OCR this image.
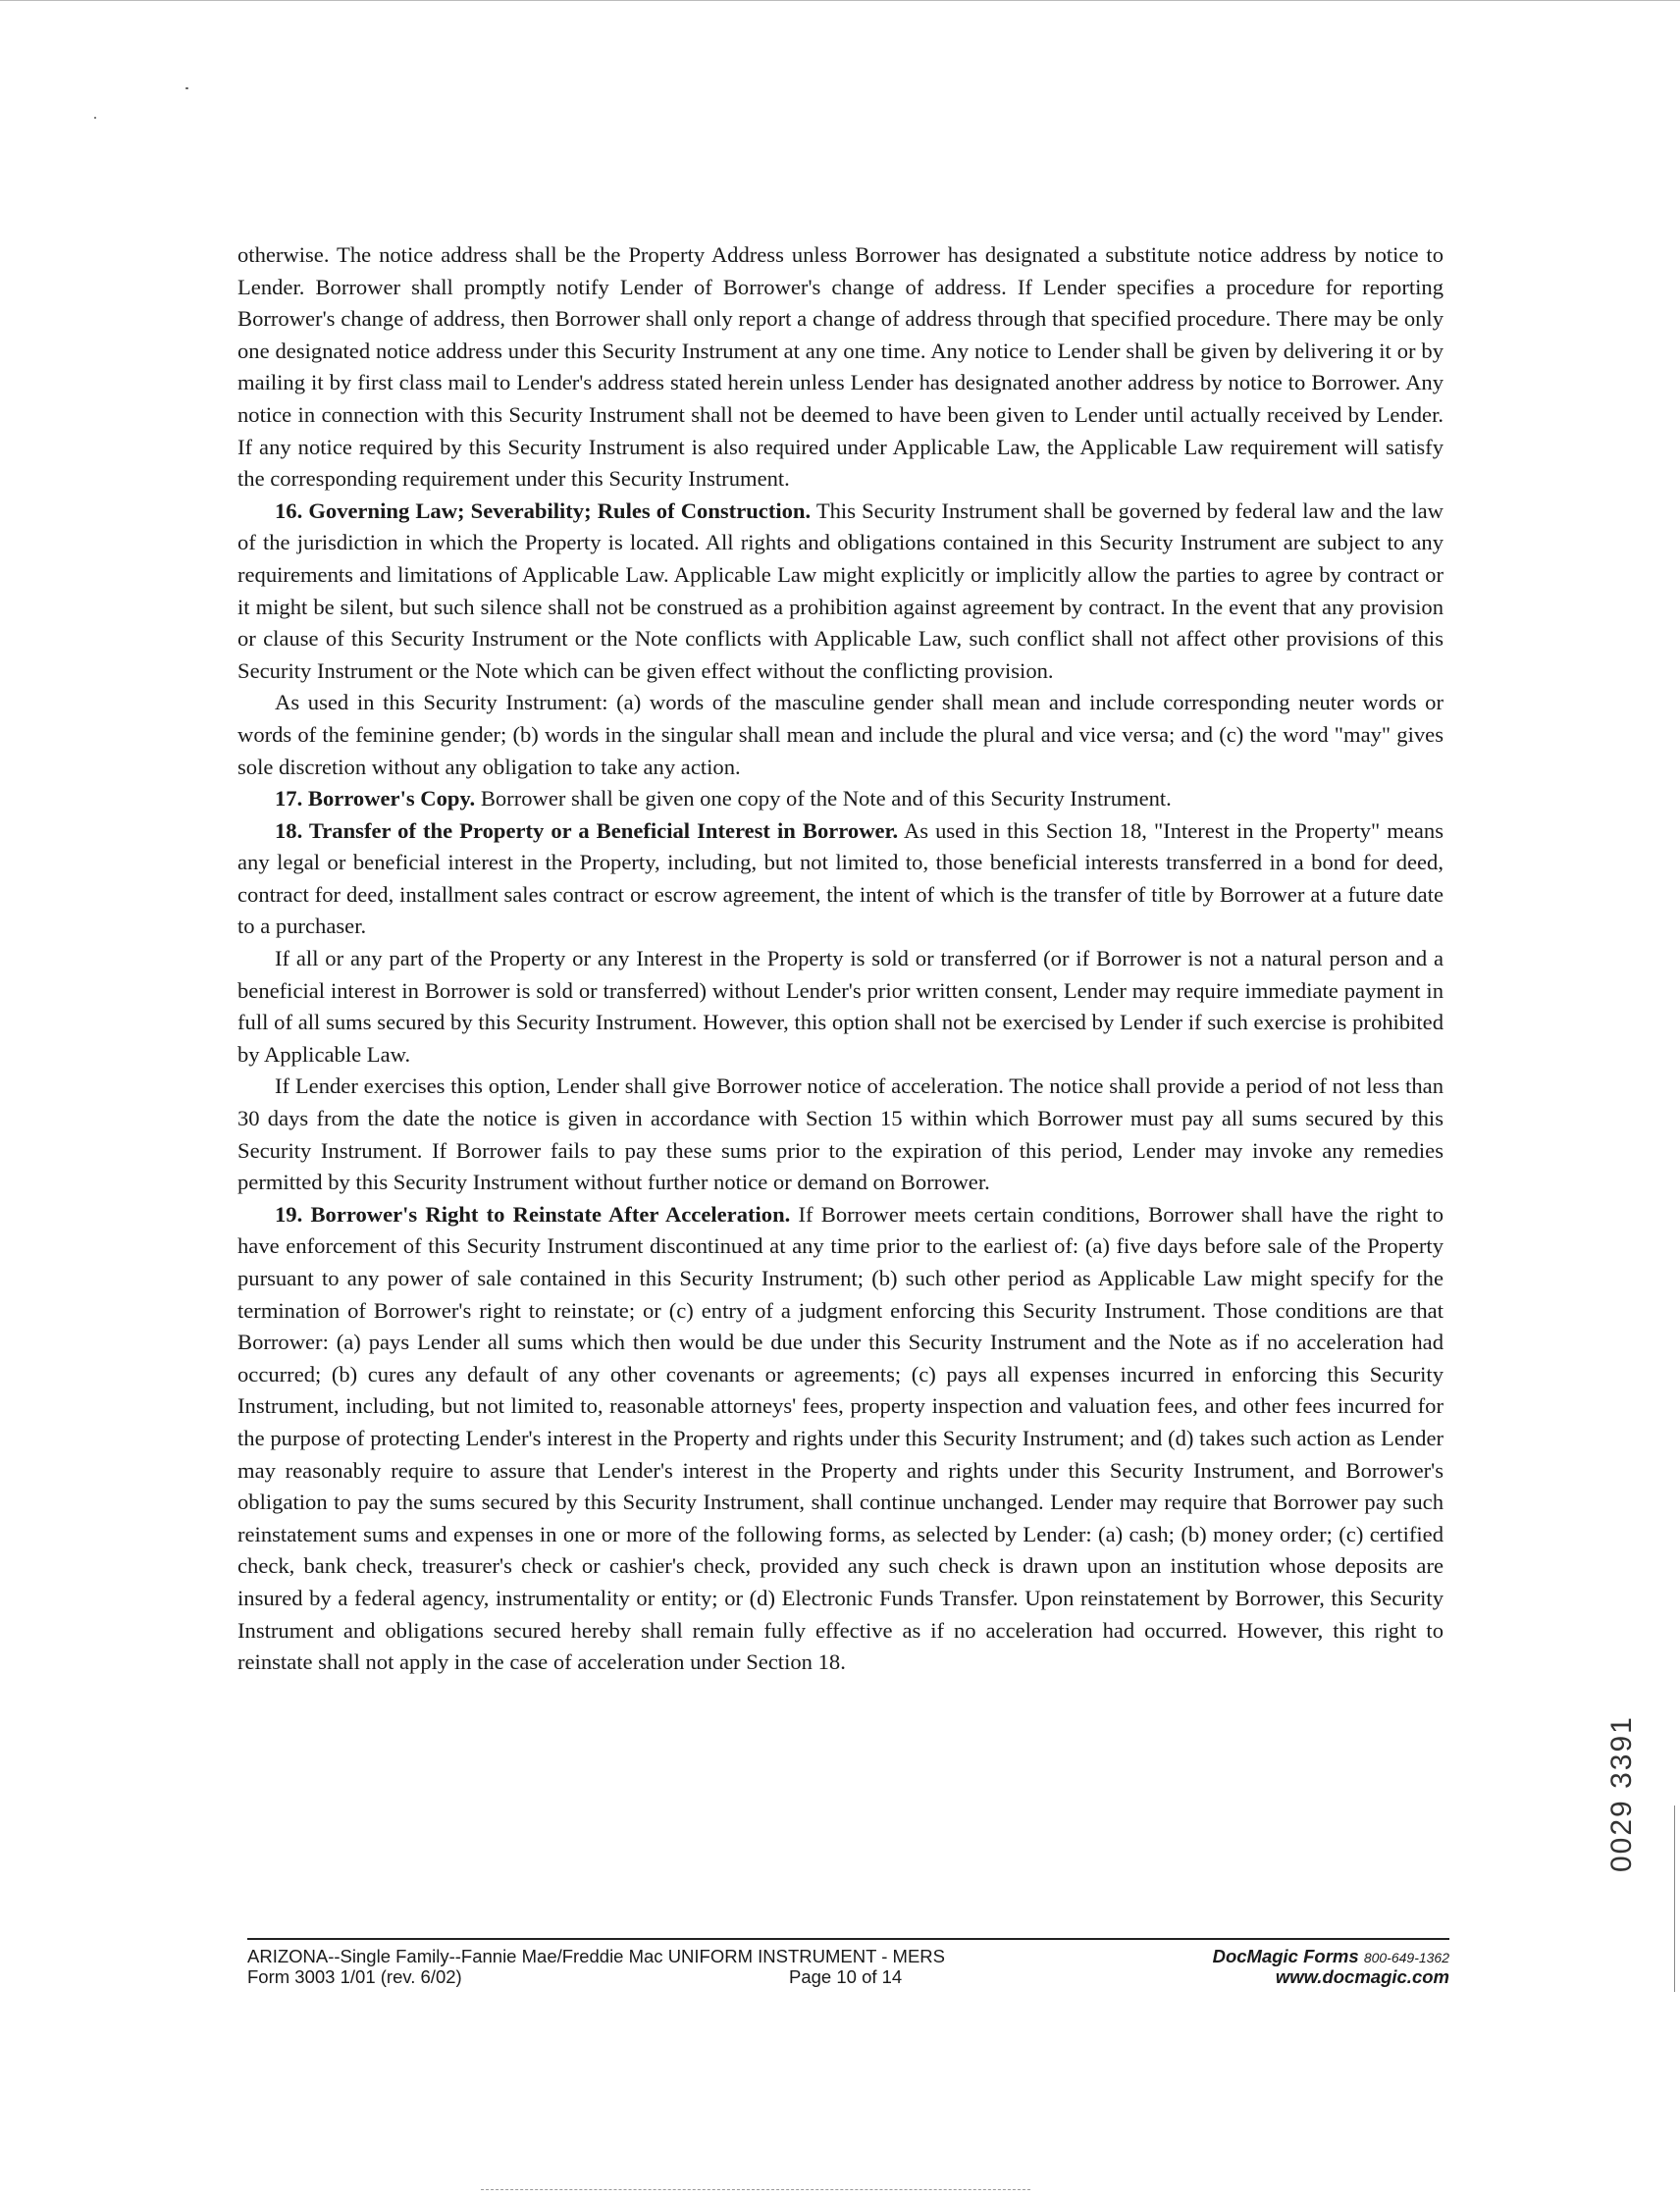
otherwise. The notice address shall be the Property Address unless Borrower has designated a substitute notice address by notice to Lender. Borrower shall promptly notify Lender of Borrower's change of address. If Lender specifies a procedure for reporting Borrower's change of address, then Borrower shall only report a change of address through that specified procedure. There may be only one designated notice address under this Security Instrument at any one time. Any notice to Lender shall be given by delivering it or by mailing it by first class mail to Lender's address stated herein unless Lender has designated another address by notice to Borrower. Any notice in connection with this Security Instrument shall not be deemed to have been given to Lender until actually received by Lender. If any notice required by this Security Instrument is also required under Applicable Law, the Applicable Law requirement will satisfy the corresponding requirement under this Security Instrument.

16. Governing Law; Severability; Rules of Construction. This Security Instrument shall be governed by federal law and the law of the jurisdiction in which the Property is located. All rights and obligations contained in this Security Instrument are subject to any requirements and limitations of Applicable Law. Applicable Law might explicitly or implicitly allow the parties to agree by contract or it might be silent, but such silence shall not be construed as a prohibition against agreement by contract. In the event that any provision or clause of this Security Instrument or the Note conflicts with Applicable Law, such conflict shall not affect other provisions of this Security Instrument or the Note which can be given effect without the conflicting provision.

As used in this Security Instrument: (a) words of the masculine gender shall mean and include corresponding neuter words or words of the feminine gender; (b) words in the singular shall mean and include the plural and vice versa; and (c) the word "may" gives sole discretion without any obligation to take any action.

17. Borrower's Copy. Borrower shall be given one copy of the Note and of this Security Instrument.

18. Transfer of the Property or a Beneficial Interest in Borrower. As used in this Section 18, "Interest in the Property" means any legal or beneficial interest in the Property, including, but not limited to, those beneficial interests transferred in a bond for deed, contract for deed, installment sales contract or escrow agreement, the intent of which is the transfer of title by Borrower at a future date to a purchaser.

If all or any part of the Property or any Interest in the Property is sold or transferred (or if Borrower is not a natural person and a beneficial interest in Borrower is sold or transferred) without Lender's prior written consent, Lender may require immediate payment in full of all sums secured by this Security Instrument. However, this option shall not be exercised by Lender if such exercise is prohibited by Applicable Law.

If Lender exercises this option, Lender shall give Borrower notice of acceleration. The notice shall provide a period of not less than 30 days from the date the notice is given in accordance with Section 15 within which Borrower must pay all sums secured by this Security Instrument. If Borrower fails to pay these sums prior to the expiration of this period, Lender may invoke any remedies permitted by this Security Instrument without further notice or demand on Borrower.

19. Borrower's Right to Reinstate After Acceleration. If Borrower meets certain conditions, Borrower shall have the right to have enforcement of this Security Instrument discontinued at any time prior to the earliest of: (a) five days before sale of the Property pursuant to any power of sale contained in this Security Instrument; (b) such other period as Applicable Law might specify for the termination of Borrower's right to reinstate; or (c) entry of a judgment enforcing this Security Instrument. Those conditions are that Borrower: (a) pays Lender all sums which then would be due under this Security Instrument and the Note as if no acceleration had occurred; (b) cures any default of any other covenants or agreements; (c) pays all expenses incurred in enforcing this Security Instrument, including, but not limited to, reasonable attorneys' fees, property inspection and valuation fees, and other fees incurred for the purpose of protecting Lender's interest in the Property and rights under this Security Instrument; and (d) takes such action as Lender may reasonably require to assure that Lender's interest in the Property and rights under this Security Instrument, and Borrower's obligation to pay the sums secured by this Security Instrument, shall continue unchanged. Lender may require that Borrower pay such reinstatement sums and expenses in one or more of the following forms, as selected by Lender: (a) cash; (b) money order; (c) certified check, bank check, treasurer's check or cashier's check, provided any such check is drawn upon an institution whose deposits are insured by a federal agency, instrumentality or entity; or (d) Electronic Funds Transfer. Upon reinstatement by Borrower, this Security Instrument and obligations secured hereby shall remain fully effective as if no acceleration had occurred. However, this right to reinstate shall not apply in the case of acceleration under Section 18.

ARIZONA--Single Family--Fannie Mae/Freddie Mac UNIFORM INSTRUMENT - MERS	DocMagic Forms 800-649-1362
Form 3003 1/01 (rev. 6/02)	Page 10 of 14	www.docmagic.com
0029 3391
